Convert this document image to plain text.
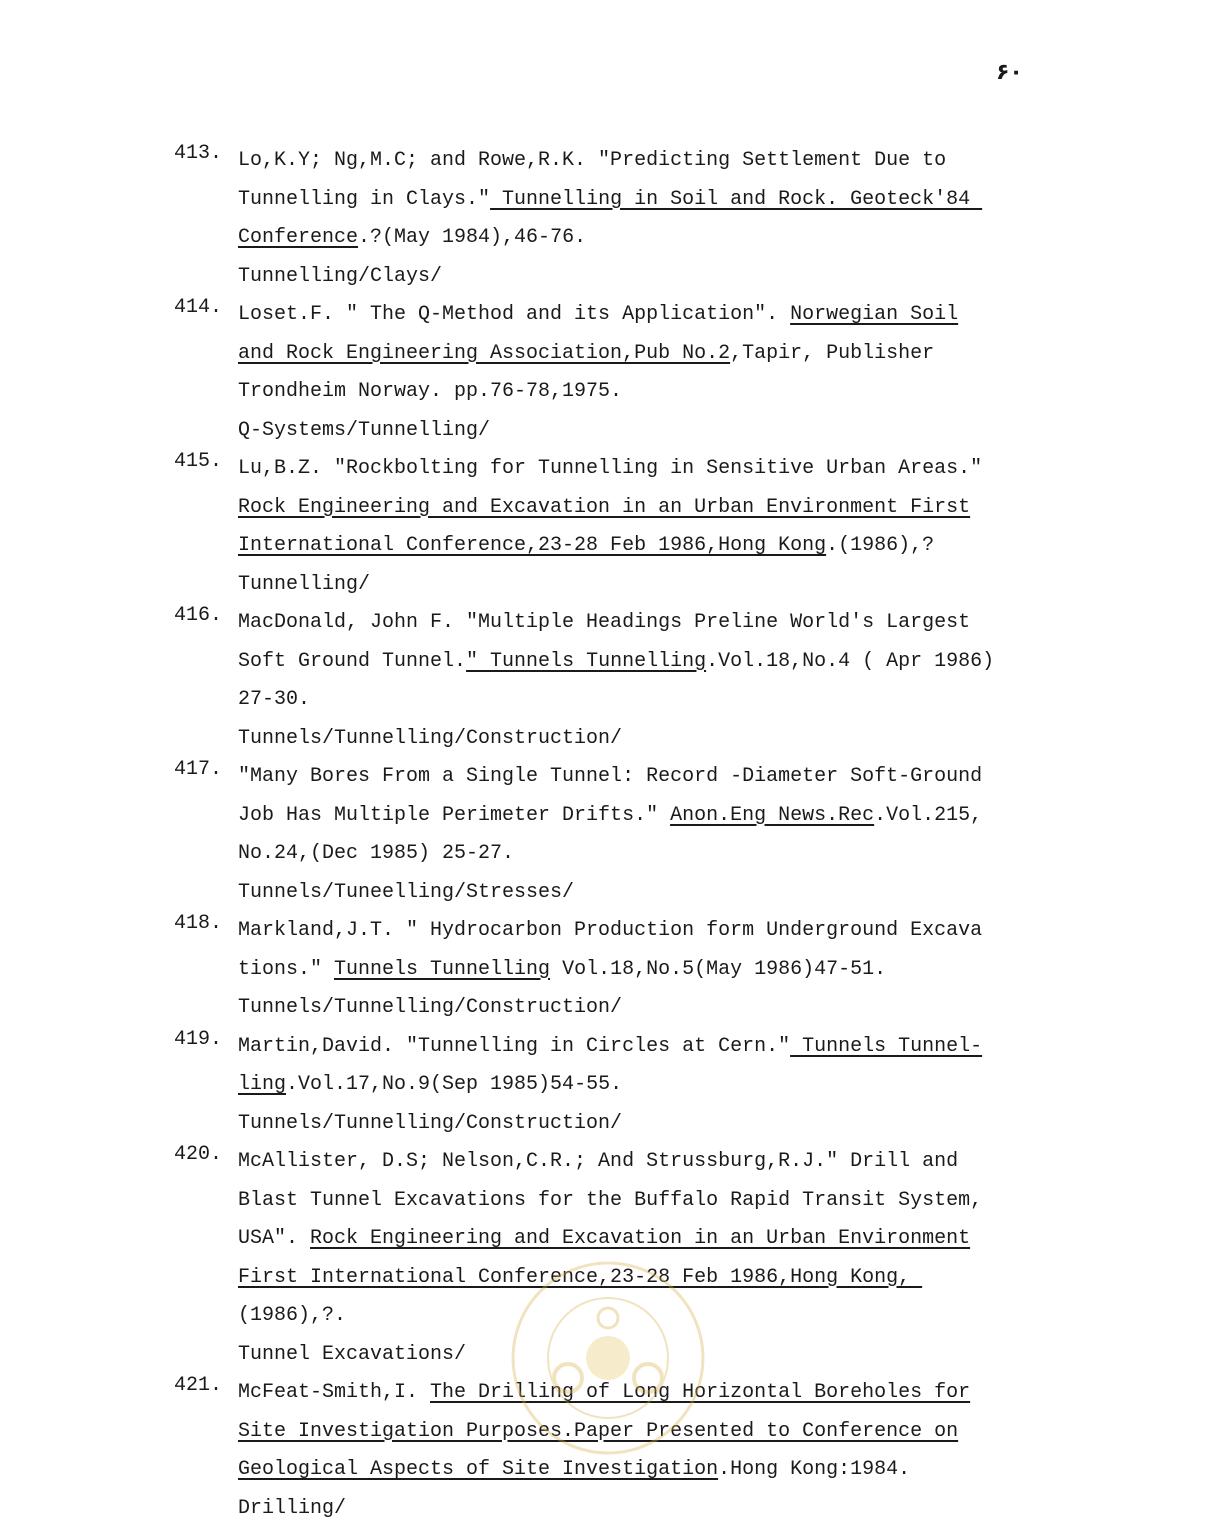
۶۰
413. Lo,K.Y; Ng,M.C; and Rowe,R.K. "Predicting Settlement Due to
Tunnelling in Clays." Tunnelling in Soil and Rock. Geoteck'84
Conference.?(May 1984),46-76.
Tunnelling/Clays/
414. Loset.F. " The Q-Method and its Application". Norwegian Soil
and Rock Engineering Association,Pub No.2,Tapir, Publisher
Trondheim Norway. pp.76-78,1975.
Q-Systems/Tunnelling/
415. Lu,B.Z. "Rockbolting for Tunnelling in Sensitive Urban Areas."
Rock Engineering and Excavation in an Urban Environment First
International Conference,23-28 Feb 1986,Hong Kong.(1986),?
Tunnelling/
416. MacDonald, John F. "Multiple Headings Preline World's Largest
Soft Ground Tunnel." Tunnels Tunnelling.Vol.18,No.4 ( Apr 1986)
27-30.
Tunnels/Tunnelling/Construction/
417. "Many Bores From a Single Tunnel: Record -Diameter Soft-Ground
Job Has Multiple Perimeter Drifts." Anon.Eng News.Rec.Vol.215,
No.24,(Dec 1985) 25-27.
Tunnels/Tuneelling/Stresses/
418. Markland,J.T. " Hydrocarbon Production form Underground Excava
tions." Tunnels Tunnelling Vol.18,No.5(May 1986)47-51.
Tunnels/Tunnelling/Construction/
419. Martin,David. "Tunnelling in Circles at Cern." Tunnels Tunnel-
ling.Vol.17,No.9(Sep 1985)54-55.
Tunnels/Tunnelling/Construction/
420. McAllister, D.S; Nelson,C.R.; And Strussburg,R.J." Drill and
Blast Tunnel Excavations for the Buffalo Rapid Transit System,
USA". Rock Engineering and Excavation in an Urban Environment
First International Conference,23-28 Feb 1986,Hong Kong,
(1986),?.
Tunnel Excavations/
421. McFeat-Smith,I. The Drilling of Long Horizontal Boreholes for
Site Investigation Purposes.Paper Presented to Conference on
Geological Aspects of Site Investigation.Hong Kong:1984.
Drilling/
